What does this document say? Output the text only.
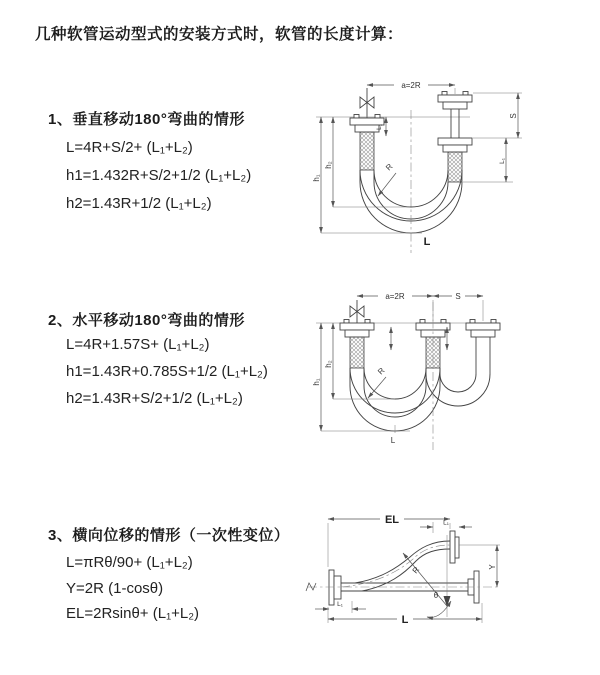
几种软管运动型式的安装方式时，软管的长度计算：
1、垂直移动180°弯曲的情形
L=4R+S/2+ (L₁+L₂)
h1=1.432R+S/2+1/2 (L₁+L₂)
h2=1.43R+1/2 (L₁+L₂)
2、水平移动180°弯曲的情形
L=4R+1.57S+ (L₁+L₂)
h1=1.43R+0.785S+1/2 (L₁+L₂)
h2=1.43R+S/2+1/2 (L₁+L₂)
3、横向位移的情形（一次性变位）
L=πRθ/90+ (L₁+L₂)
Y=2R (1-cosθ)
EL=2Rsinθ+ (L₁+L₂)
a=2R
L₁
h₂
h₁
S
L₁
R
L
a=2R	S
h₂
h₁
R
L
EL	L₁
R
θ
Y
L
L₁
